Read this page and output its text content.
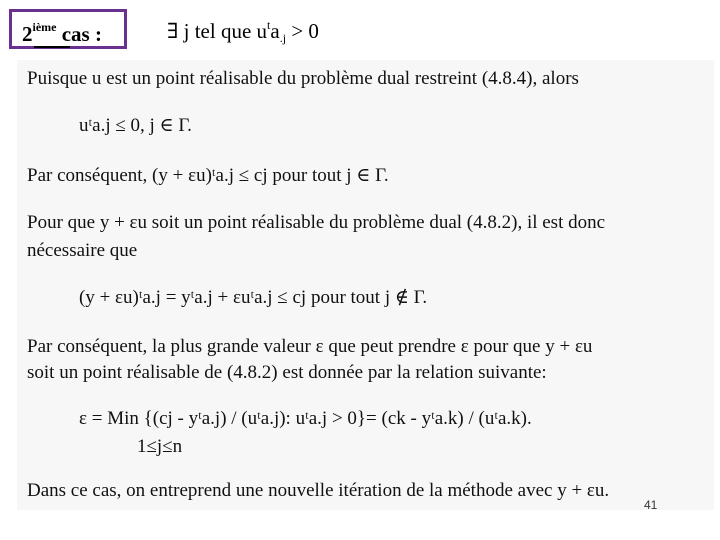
2ième cas :	∃ j tel que $u^ta_{.j} > 0$
Puisque u est un point réalisable du problème dual restreint (4.8.4), alors
uᵗa.j ≤ 0, j ∈ Γ.
Par conséquent, (y + εu)ᵗa.j ≤ cj pour tout j ∈ Γ.
Pour que y + εu soit un point réalisable du problème dual (4.8.2), il est donc
nécessaire que
(y + εu)ᵗa.j = yᵗa.j + εuᵗa.j ≤ cj pour tout j ∉ Γ.
Par conséquent, la plus grande valeur ε que peut prendre ε pour que y + εu
soit un point réalisable de (4.8.2) est donnée par la relation suivante:
ε = Min {(cj - yᵗa.j) / (uᵗa.j): uᵗa.j > 0}= (ck - yᵗa.k) / (uᵗa.k).
1≤j≤n
Dans ce cas, on entreprend une nouvelle itération de la méthode avec y + εu.
41
